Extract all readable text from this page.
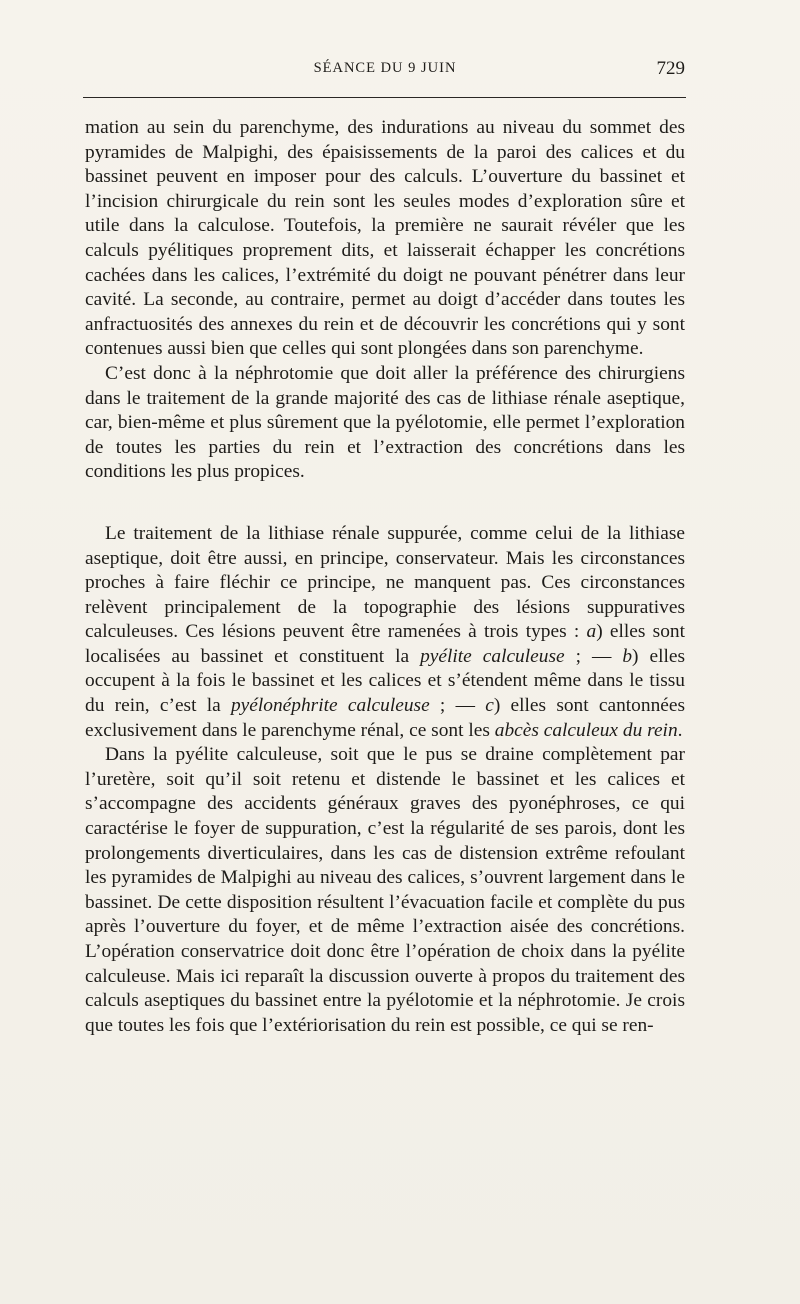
SÉANCE DU 9 JUIN	729

mation au sein du parenchyme, des indurations au niveau du sommet des pyramides de Malpighi, des épaisissements de la paroi des calices et du bassinet peuvent en imposer pour des calculs. L’ouverture du bassinet et l’incision chirurgicale du rein sont les seules modes d’exploration sûre et utile dans la calculose. Toutefois, la première ne saurait révéler que les calculs pyélitiques proprement dits, et laisserait échapper les concrétions cachées dans les calices, l’extrémité du doigt ne pouvant pénétrer dans leur cavité. La seconde, au contraire, permet au doigt d’accéder dans toutes les anfractuosités des annexes du rein et de découvrir les concrétions qui y sont contenues aussi bien que celles qui sont plongées dans son parenchyme.

C’est donc à la néphrotomie que doit aller la préférence des chirurgiens dans le traitement de la grande majorité des cas de lithiase rénale aseptique, car, bien-même et plus sûrement que la pyélotomie, elle permet l’exploration de toutes les parties du rein et l’extraction des concrétions dans les conditions les plus propices.

Le traitement de la lithiase rénale suppurée, comme celui de la lithiase aseptique, doit être aussi, en principe, conservateur. Mais les circonstances proches à faire fléchir ce principe, ne manquent pas. Ces circonstances relèvent principalement de la topographie des lésions suppuratives calculeuses. Ces lésions peuvent être ramenées à trois types : a) elles sont localisées au bassinet et constituent la pyélite calculeuse ; — b) elles occupent à la fois le bassinet et les calices et s’étendent même dans le tissu du rein, c’est la pyélonéphrite calculeuse ; — c) elles sont cantonnées exclusivement dans le parenchyme rénal, ce sont les abcès calculeux du rein.

Dans la pyélite calculeuse, soit que le pus se draine complètement par l’uretère, soit qu’il soit retenu et distende le bassinet et les calices et s’accompagne des accidents généraux graves des pyonéphroses, ce qui caractérise le foyer de suppuration, c’est la régularité de ses parois, dont les prolongements diverticulaires, dans les cas de distension extrême refoulant les pyramides de Malpighi au niveau des calices, s’ouvrent largement dans le bassinet. De cette disposition résultent l’évacuation facile et complète du pus après l’ouverture du foyer, et de même l’extraction aisée des concrétions. L’opération conservatrice doit donc être l’opération de choix dans la pyélite calculeuse. Mais ici reparaît la discussion ouverte à propos du traitement des calculs aseptiques du bassinet entre la pyélotomie et la néphrotomie. Je crois que toutes les fois que l’extériorisation du rein est possible, ce qui se ren-
